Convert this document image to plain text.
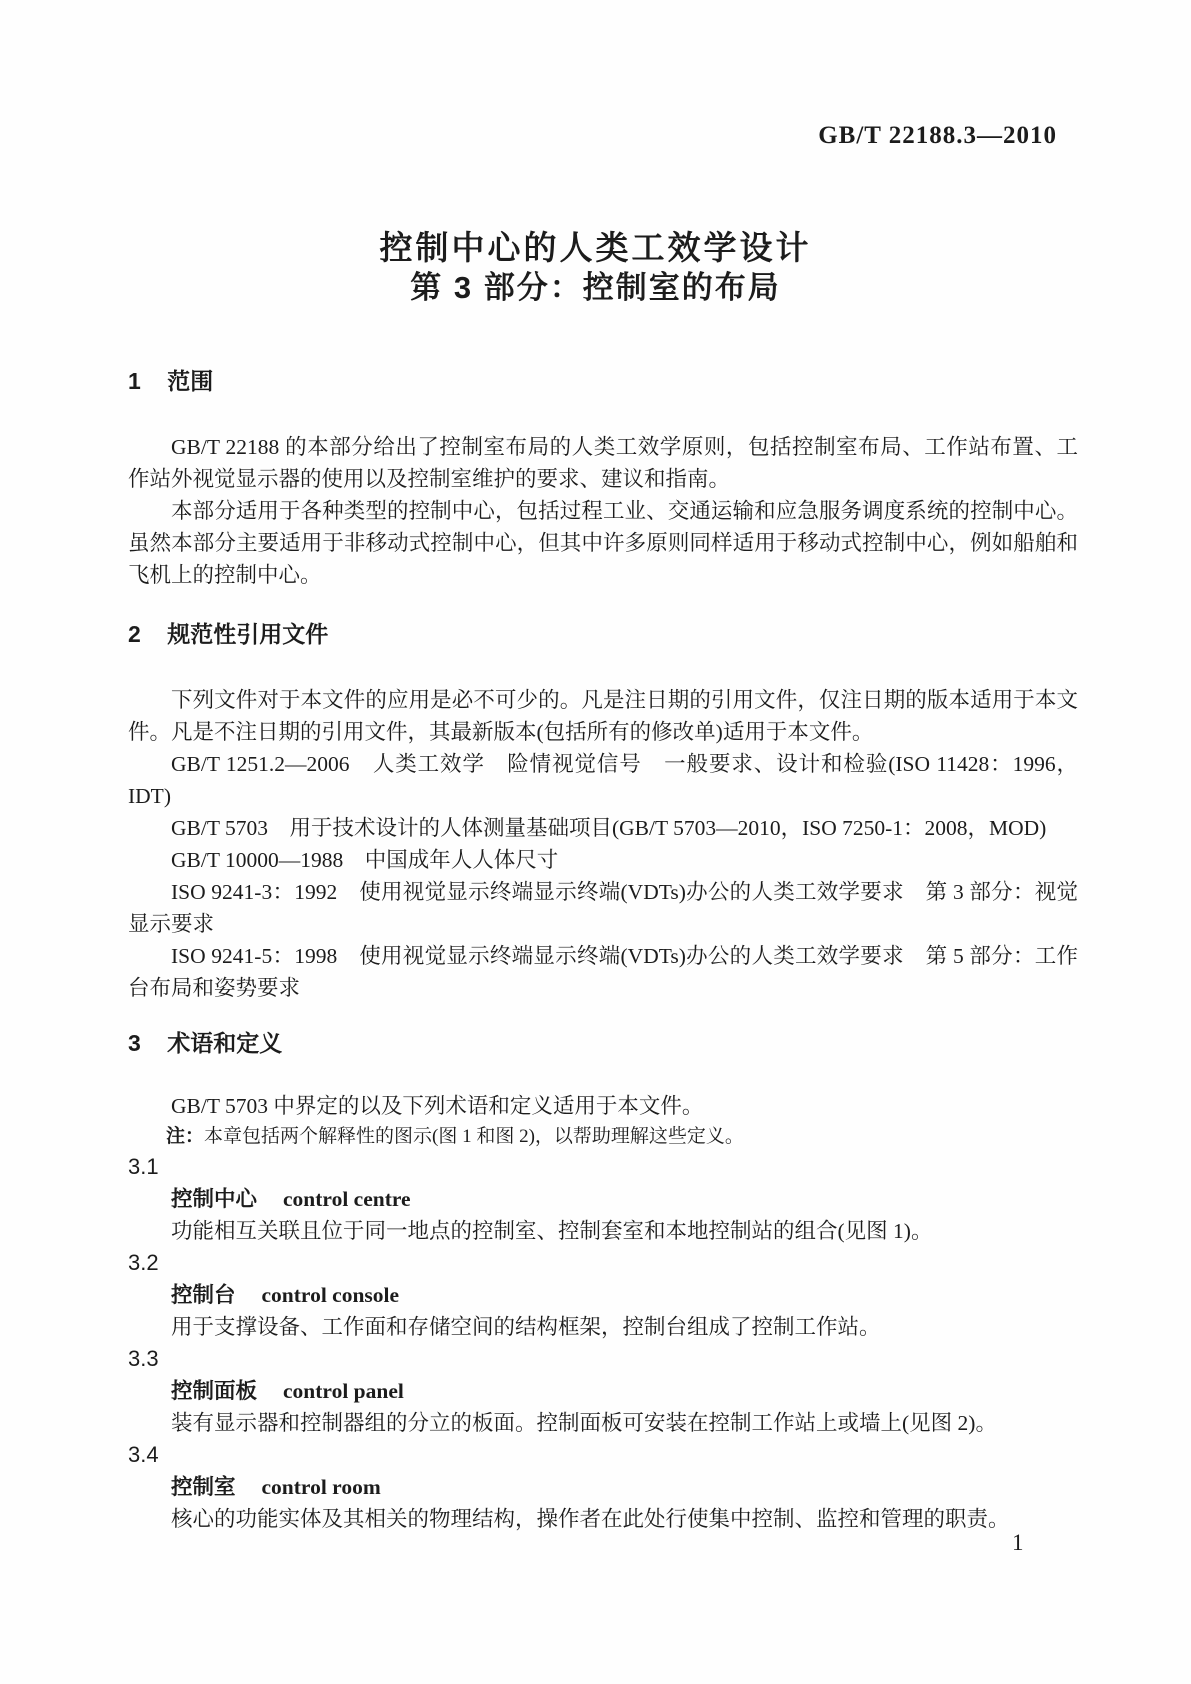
GB/T 22188.3—2010
控制中心的人类工效学设计
第 3 部分：控制室的布局
1 范围

GB/T 22188 的本部分给出了控制室布局的人类工效学原则，包括控制室布局、工作站布置、工作站外视觉显示器的使用以及控制室维护的要求、建议和指南。

本部分适用于各种类型的控制中心，包括过程工业、交通运输和应急服务调度系统的控制中心。虽然本部分主要适用于非移动式控制中心，但其中许多原则同样适用于移动式控制中心，例如船舶和飞机上的控制中心。

2 规范性引用文件

下列文件对于本文件的应用是必不可少的。凡是注日期的引用文件，仅注日期的版本适用于本文件。凡是不注日期的引用文件，其最新版本(包括所有的修改单)适用于本文件。

GB/T 1251.2—2006　人类工效学　险情视觉信号　一般要求、设计和检验(ISO 11428：1996，IDT)

GB/T 5703　用于技术设计的人体测量基础项目(GB/T 5703—2010，ISO 7250-1：2008，MOD)

GB/T 10000—1988　中国成年人人体尺寸

ISO 9241-3：1992　使用视觉显示终端显示终端(VDTs)办公的人类工效学要求　第 3 部分：视觉显示要求

ISO 9241-5：1998　使用视觉显示终端显示终端(VDTs)办公的人类工效学要求　第 5 部分：工作台布局和姿势要求

3 术语和定义

GB/T 5703 中界定的以及下列术语和定义适用于本文件。

注：本章包括两个解释性的图示(图 1 和图 2)，以帮助理解这些定义。

3.1
控制中心 control centre

功能相互关联且位于同一地点的控制室、控制套室和本地控制站的组合(见图 1)。

3.2
控制台 control console

用于支撑设备、工作面和存储空间的结构框架，控制台组成了控制工作站。

3.3
控制面板 control panel

装有显示器和控制器组的分立的板面。控制面板可安装在控制工作站上或墙上(见图 2)。

3.4
控制室 control room

核心的功能实体及其相关的物理结构，操作者在此处行使集中控制、监控和管理的职责。

1
